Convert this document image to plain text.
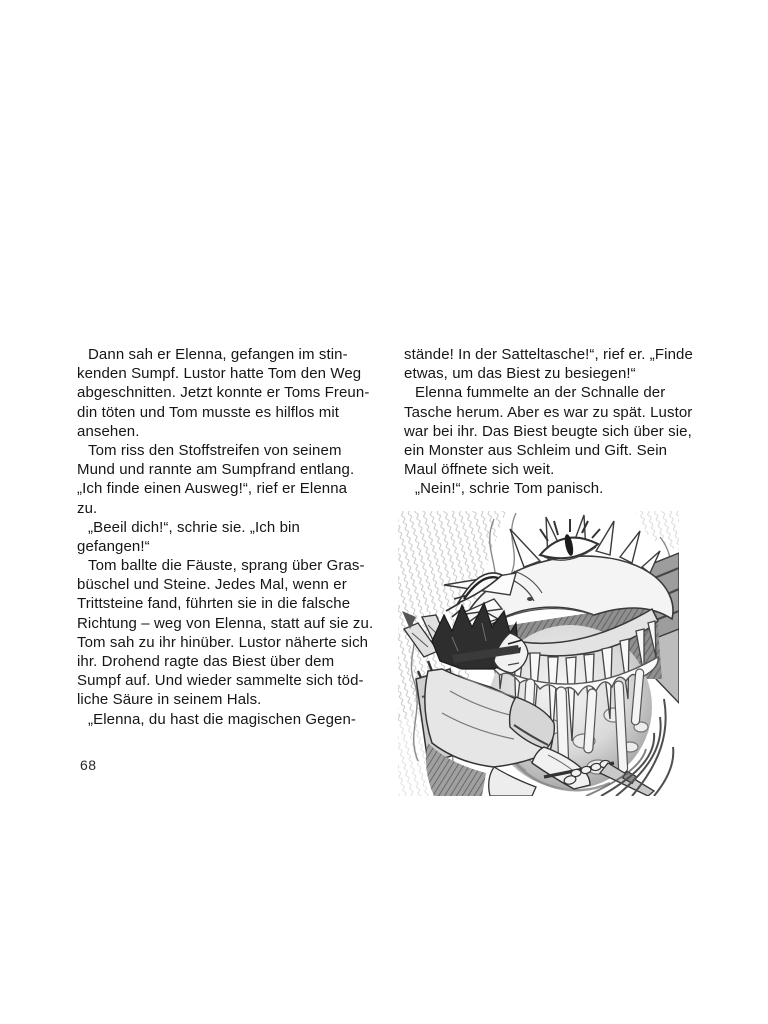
Dann sah er Elenna, gefangen im stin-
kenden Sumpf. Lustor hatte Tom den Weg
abgeschnitten. Jetzt konnte er Toms Freun-
din töten und Tom musste es hilflos mit
ansehen.
Tom riss den Stoffstreifen von seinem
Mund und rannte am Sumpfrand entlang.
„Ich finde einen Ausweg!“, rief er Elenna
zu.
„Beeil dich!“, schrie sie. „Ich bin
gefangen!“
Tom ballte die Fäuste, sprang über Gras-
büschel und Steine. Jedes Mal, wenn er
Trittsteine fand, führten sie in die falsche
Richtung – weg von Elenna, statt auf sie zu.
Tom sah zu ihr hinüber. Lustor näherte sich
ihr. Drohend ragte das Biest über dem
Sumpf auf. Und wieder sammelte sich töd-
liche Säure in seinem Hals.
„Elenna, du hast die magischen Gegen-
stände! In der Satteltasche!“, rief er. „Finde
etwas, um das Biest zu besiegen!“
Elenna fummelte an der Schnalle der
Tasche herum. Aber es war zu spät. Lustor
war bei ihr. Das Biest beugte sich über sie,
ein Monster aus Schleim und Gift. Sein
Maul öffnete sich weit.
„Nein!“, schrie Tom panisch.
68
